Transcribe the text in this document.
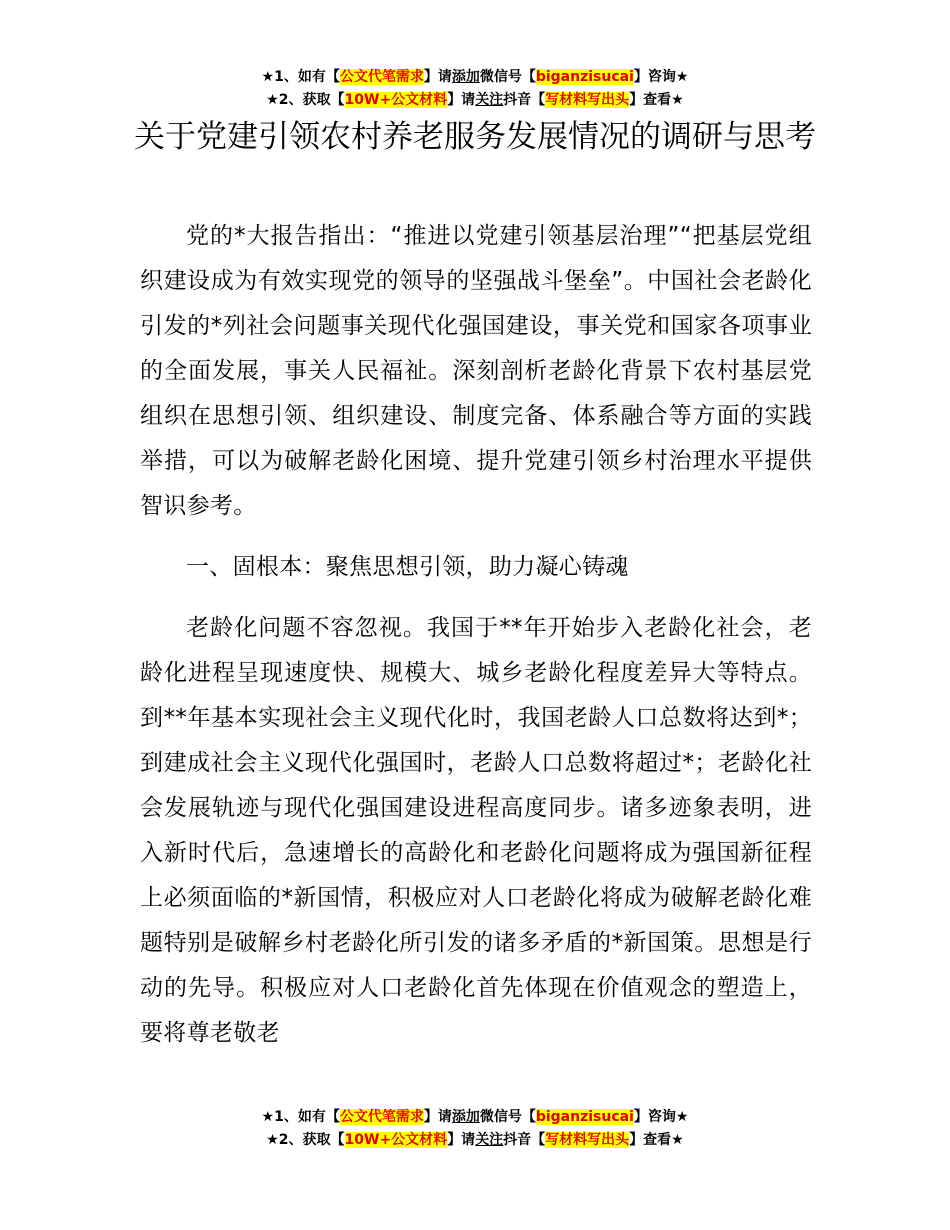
★1、如有【公文代笔需求】请添加微信号【biganzisucai】咨询★
★2、获取【10W+公文材料】请关注抖音【写材料写出头】查看★
关于党建引领农村养老服务发展情况的调研与思考

党的*大报告指出：“推进以党建引领基层治理”“把基层党组织建设成为有效实现党的领导的坚强战斗堡垒”。中国社会老龄化引发的*列社会问题事关现代化强国建设，事关党和国家各项事业的全面发展，事关人民福祉。深刻剖析老龄化背景下农村基层党组织在思想引领、组织建设、制度完备、体系融合等方面的实践举措，可以为破解老龄化困境、提升党建引领乡村治理水平提供智识参考。

一、固根本：聚焦思想引领，助力凝心铸魂

老龄化问题不容忽视。我国于**年开始步入老龄化社会，老龄化进程呈现速度快、规模大、城乡老龄化程度差异大等特点。到**年基本实现社会主义现代化时，我国老龄人口总数将达到*；到建成社会主义现代化强国时，老龄人口总数将超过*；老龄化社会发展轨迹与现代化强国建设进程高度同步。诸多迹象表明，进入新时代后，急速增长的高龄化和老龄化问题将成为强国新征程上必须面临的*新国情，积极应对人口老龄化将成为破解老龄化难题特别是破解乡村老龄化所引发的诸多矛盾的*新国策。思想是行动的先导。积极应对人口老龄化首先体现在价值观念的塑造上，要将尊老敬老

★1、如有【公文代笔需求】请添加微信号【biganzisucai】咨询★
★2、获取【10W+公文材料】请关注抖音【写材料写出头】查看★
